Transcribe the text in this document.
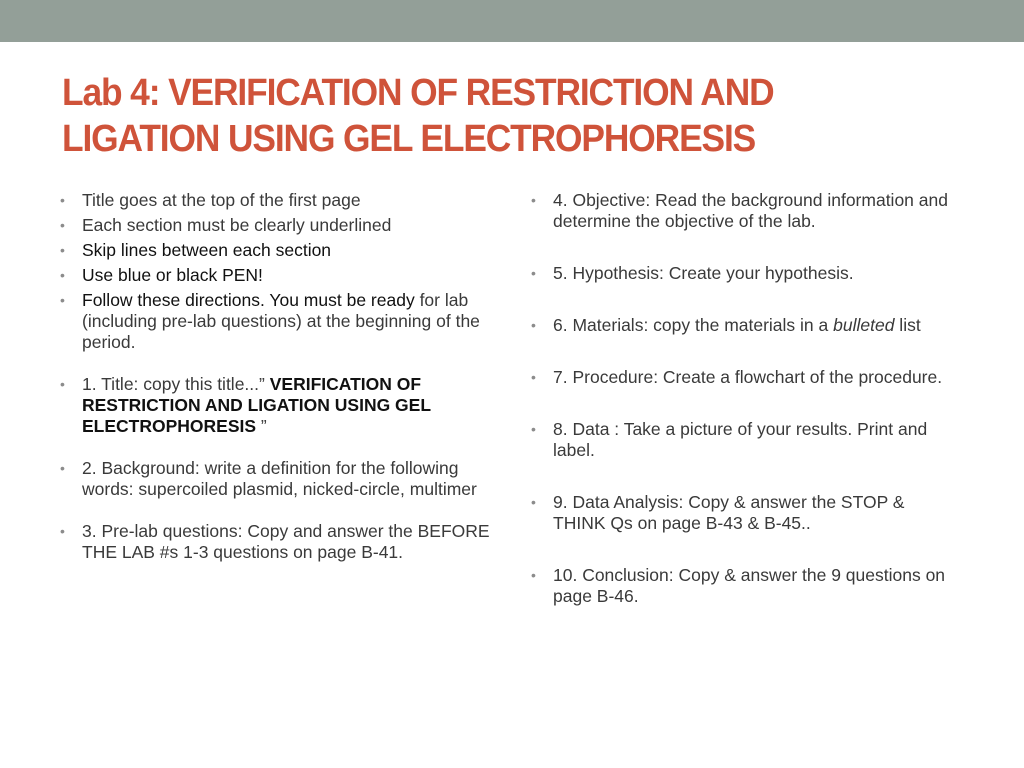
Lab 4: VERIFICATION OF RESTRICTION AND
LIGATION USING GEL ELECTROPHORESIS
• Title goes at the top of the first page
• Each section must be clearly underlined
• Skip lines between each section
• Use blue or black PEN!
• Follow these directions. You must be ready for lab (including pre-lab questions) at the beginning of the period.
• 1. Title: copy this title...” VERIFICATION OF RESTRICTION AND LIGATION USING GEL ELECTROPHORESIS ”
• 2. Background: write a definition for the following words: supercoiled plasmid, nicked-circle, multimer
• 3. Pre-lab questions: Copy and answer the BEFORE THE LAB #s 1-3 questions on page B-41.
• 4. Objective: Read the background information and determine the objective of the lab.
• 5. Hypothesis: Create your hypothesis.
• 6. Materials: copy the materials in a bulleted list
• 7. Procedure: Create a flowchart of the procedure.
• 8. Data : Take a picture of your results. Print and label.
• 9. Data Analysis: Copy & answer the STOP & THINK Qs on page B-43 & B-45..
• 10. Conclusion: Copy & answer the 9 questions on page B-46.
